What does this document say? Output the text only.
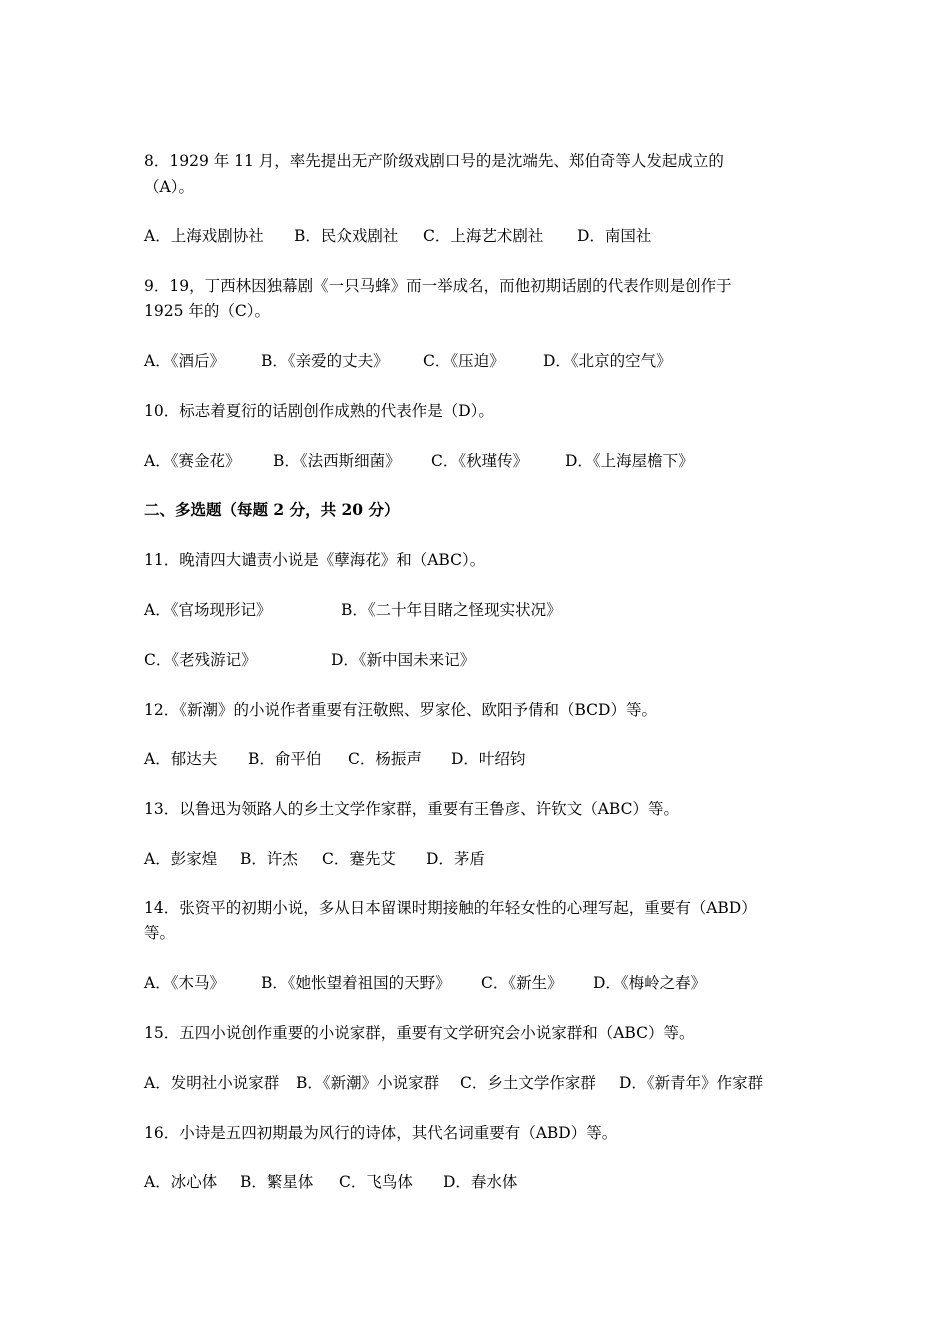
8．1929 年 11 月，率先提出无产阶级戏剧口号的是沈端先、郑伯奇等人发起成立的
（A）。
A．上海戏剧协社 B．民众戏剧社 C．上海艺术剧社 D．南国社
9．19，丁西林因独幕剧《一只马蜂》而一举成名，而他初期话剧的代表作则是创作于
1925 年的（C）。
A．《酒后》 B．《亲爱的丈夫》 C．《压迫》 D．《北京的空气》
10．标志着夏衍的话剧创作成熟的代表作是（D）。
A．《赛金花》 B．《法西斯细菌》 C．《秋瑾传》 D．《上海屋檐下》
二、多选题（每题 2 分，共 20 分）
11．晚清四大谴责小说是《孽海花》和（ABC）。
A．《官场现形记》	B．《二十年目睹之怪现实状况》
C．《老残游记》	D．《新中国未来记》
12．《新潮》的小说作者重要有汪敬熙、罗家伦、欧阳予倩和（BCD）等。
A．郁达夫 B．俞平伯 C．杨振声 D．叶绍钧
13．以鲁迅为领路人的乡土文学作家群，重要有王鲁彦、许钦文（ABC）等。
A．彭家煌 B．许杰 C．蹇先艾 D．茅盾
14．张资平的初期小说，多从日本留课时期接触的年轻女性的心理写起，重要有（ABD）
等。
A．《木马》 B．《她怅望着祖国的天野》 C．《新生》 D．《梅岭之春》
15．五四小说创作重要的小说家群，重要有文学研究会小说家群和（ABC）等。
A．发明社小说家群 B．《新潮》小说家群 C．乡土文学作家群 D．《新青年》作家群
16．小诗是五四初期最为风行的诗体，其代名词重要有（ABD）等。
A．冰心体 B．繁星体 C．飞鸟体 D．春水体
